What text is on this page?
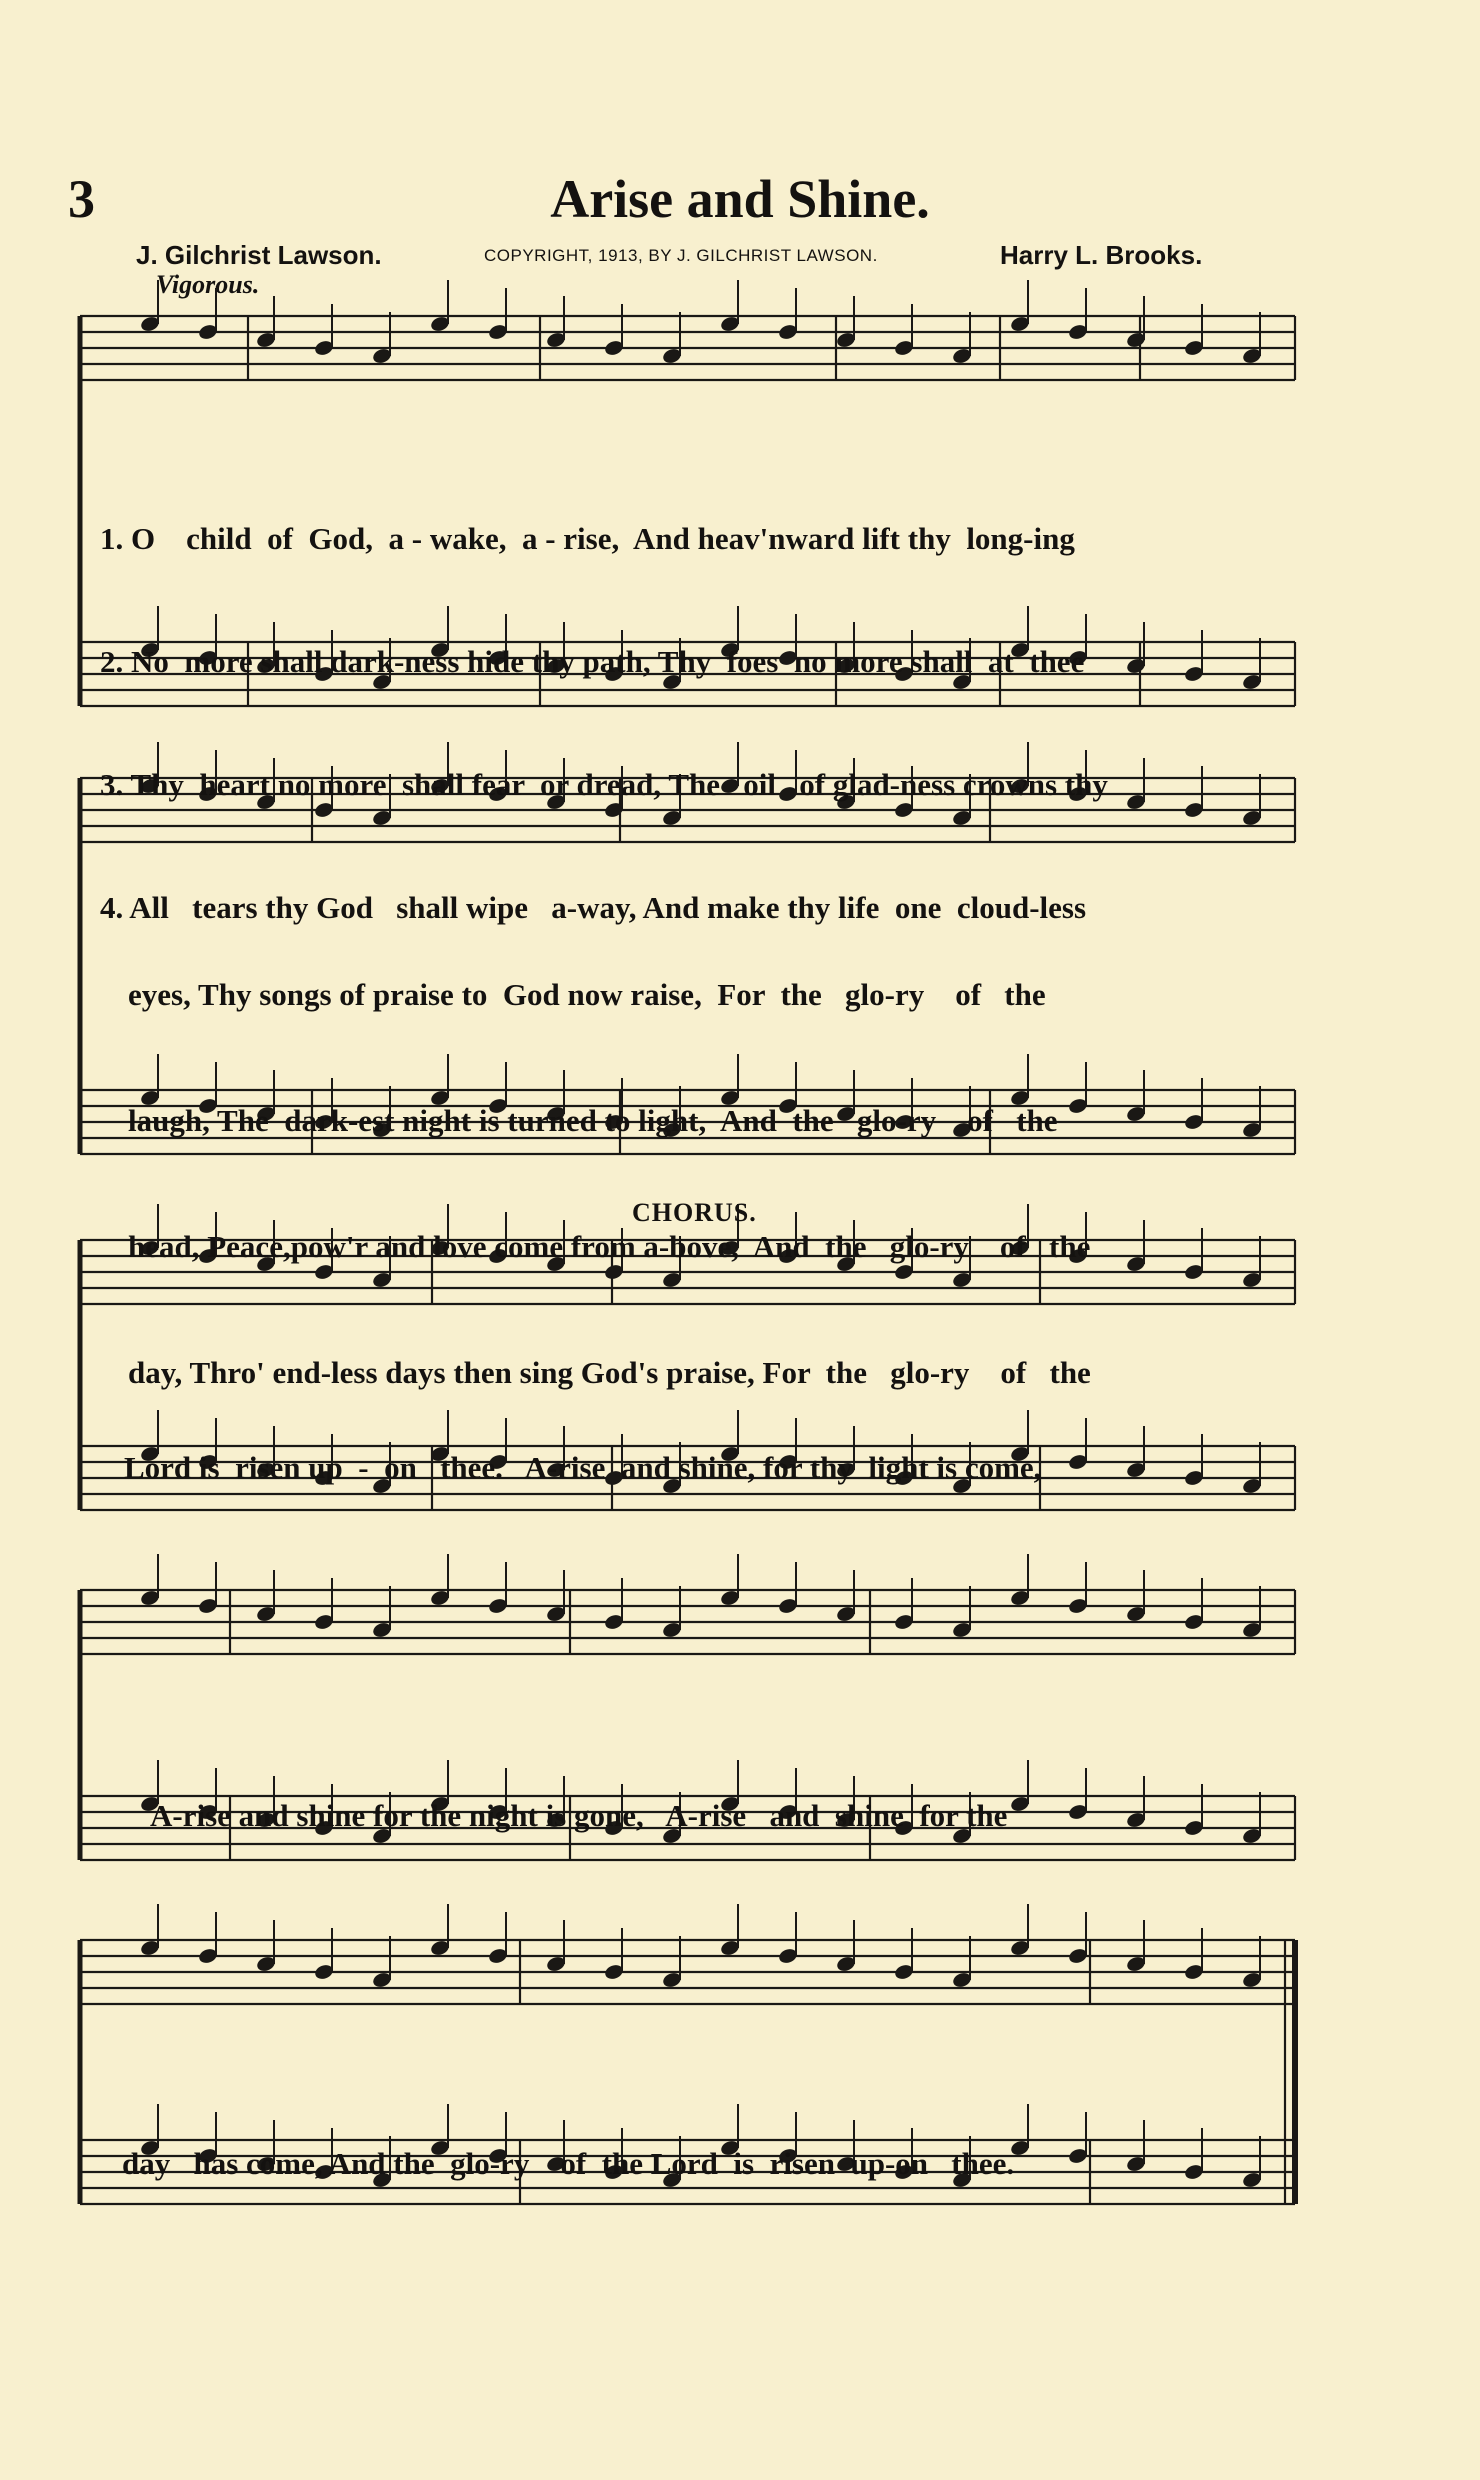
3	Arise and Shine.
J. Gilchrist Lawson.	COPYRIGHT, 1913, BY J. GILCHRIST LAWSON.	Harry L. Brooks.
Vigorous.
CHORUS.

1. O    child  of  God,  a - wake,  a - rise,  And heav'nward lift thy  long-ing

2. No  more shall dark-ness hide thy path, Thy  foes  no more shall  at  thee

3. Thy  heart no more  shall fear  or dread, The   oil   of glad-ness crowns thy

4. All   tears thy God   shall wipe   a-way, And make thy life  one  cloud-less

eyes, Thy songs of praise to  God now raise,  For  the   glo-ry    of   the

laugh, The  dark-est night is turned to light,  And  the   glo-ry    of   the

head, Peace,pow'r and love come from a-bove,  And  the   glo-ry    of   the

day, Thro' end-less days then sing God's praise, For  the   glo-ry    of   the

Lord is  risen up  -  on   thee.   A-rise  and shine, for thy  light is come,

A-rise and shine for the night is gone,   A-rise   and  shine  for the

day   has come, And the  glo-ry    of  the Lord  is  risen  up-on   thee.
